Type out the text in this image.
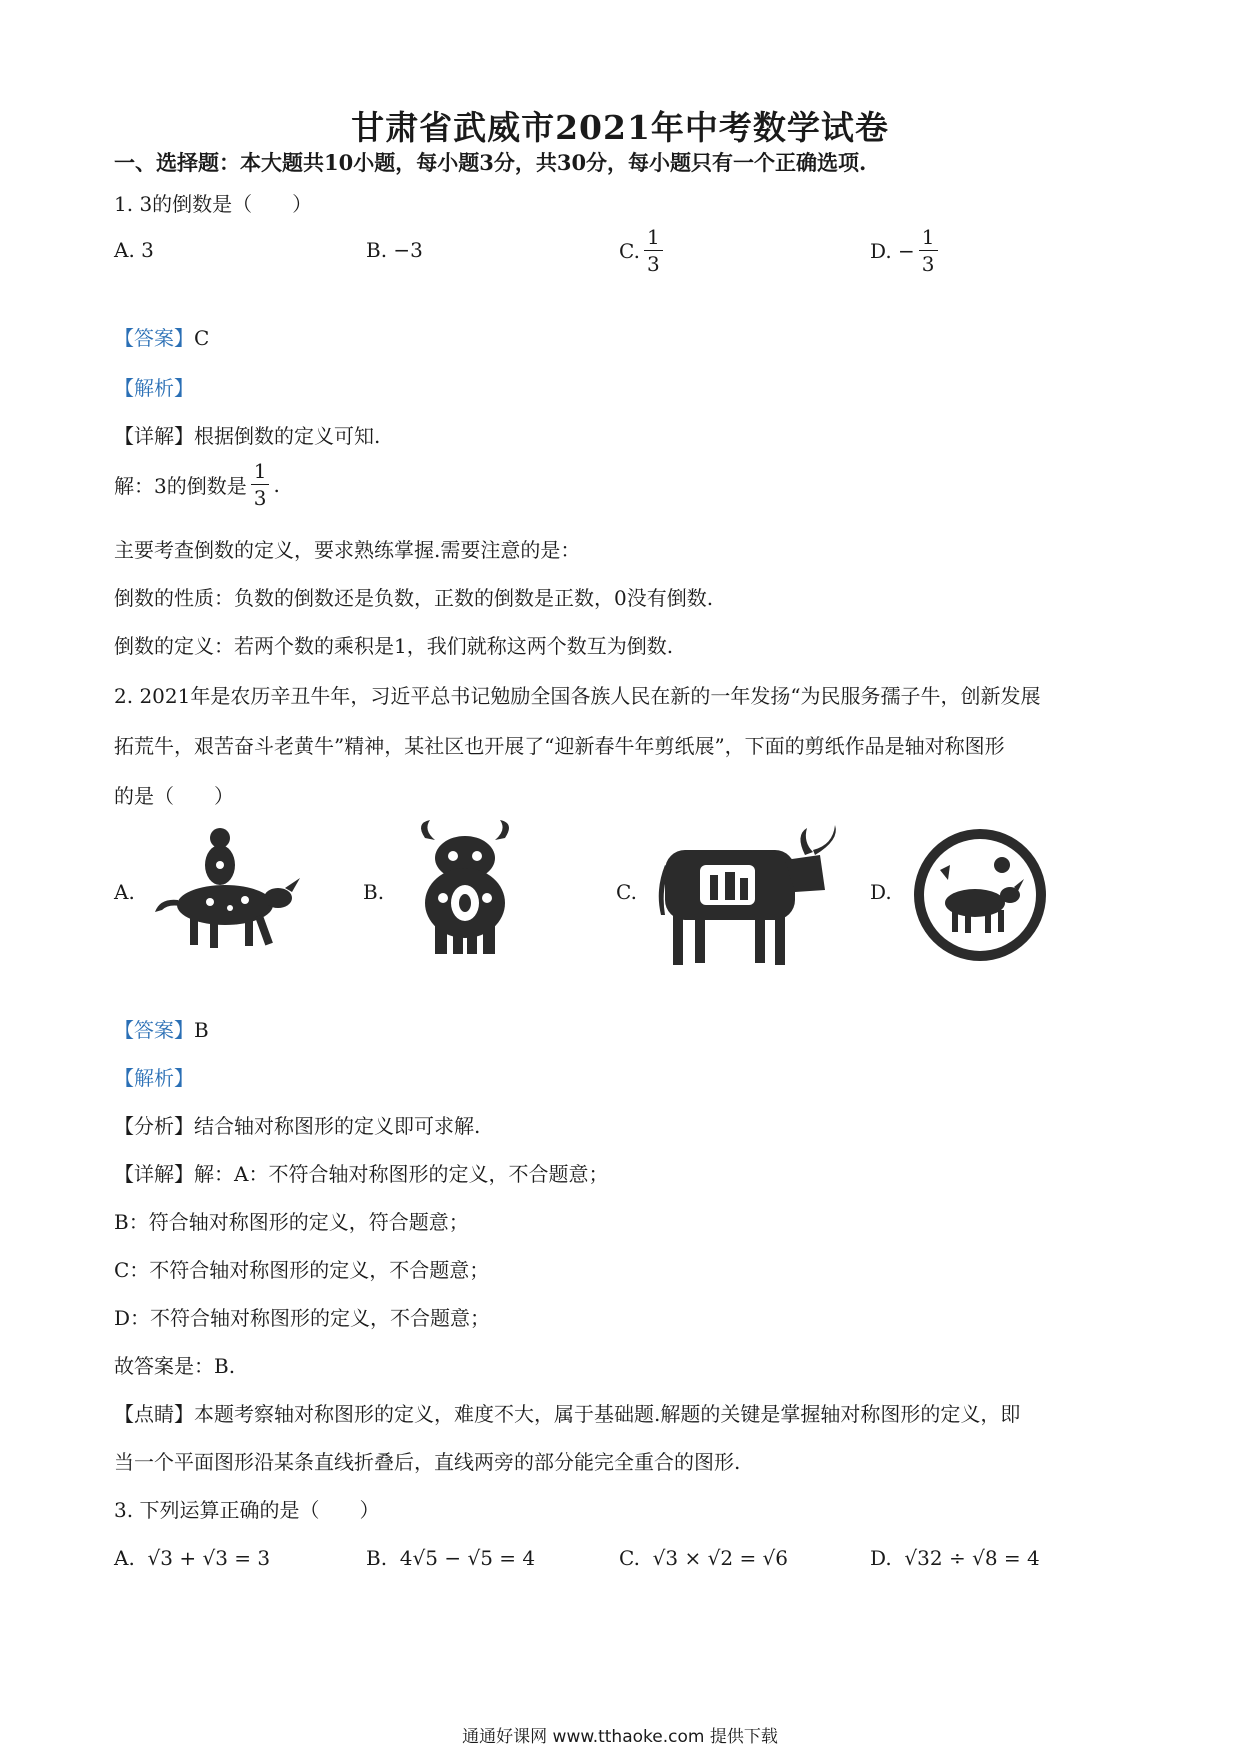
甘肃省武威市2021年中考数学试卷
一、选择题：本大题共10小题，每小题3分，共30分，每小题只有一个正确选项.
1. 3的倒数是（　　）
A. 3	B. −3	C. $\frac{1}{3}$	D. − $\frac{1}{3}$
【答案】C
【解析】
【详解】根据倒数的定义可知.
解：3的倒数是 $\frac{1}{3}$ .
主要考查倒数的定义，要求熟练掌握.需要注意的是：
倒数的性质：负数的倒数还是负数，正数的倒数是正数，0没有倒数.
倒数的定义：若两个数的乘积是1，我们就称这两个数互为倒数.
2. 2021年是农历辛丑牛年，习近平总书记勉励全国各族人民在新的一年发扬“为民服务孺子牛，创新发展
拓荒牛，艰苦奋斗老黄牛”精神，某社区也开展了“迎新春牛年剪纸展”，下面的剪纸作品是轴对称图形
的是（　　）
A.	B.	C.	D.
【答案】B
【解析】
【分析】结合轴对称图形的定义即可求解.
【详解】解：A：不符合轴对称图形的定义，不合题意；
B：符合轴对称图形的定义，符合题意；
C：不符合轴对称图形的定义，不合题意；
D：不符合轴对称图形的定义，不合题意；
故答案是：B.
【点睛】本题考察轴对称图形的定义，难度不大，属于基础题.解题的关键是掌握轴对称图形的定义，即
当一个平面图形沿某条直线折叠后，直线两旁的部分能完全重合的图形.
3. 下列运算正确的是（　　）
A.
√3 + √3 = 3	B.
4√5 − √5 = 4	C.
√3 × √2 = √6	D.
√32 ÷ √8 = 4
通通好课网 www.tthaoke.com 提供下载
